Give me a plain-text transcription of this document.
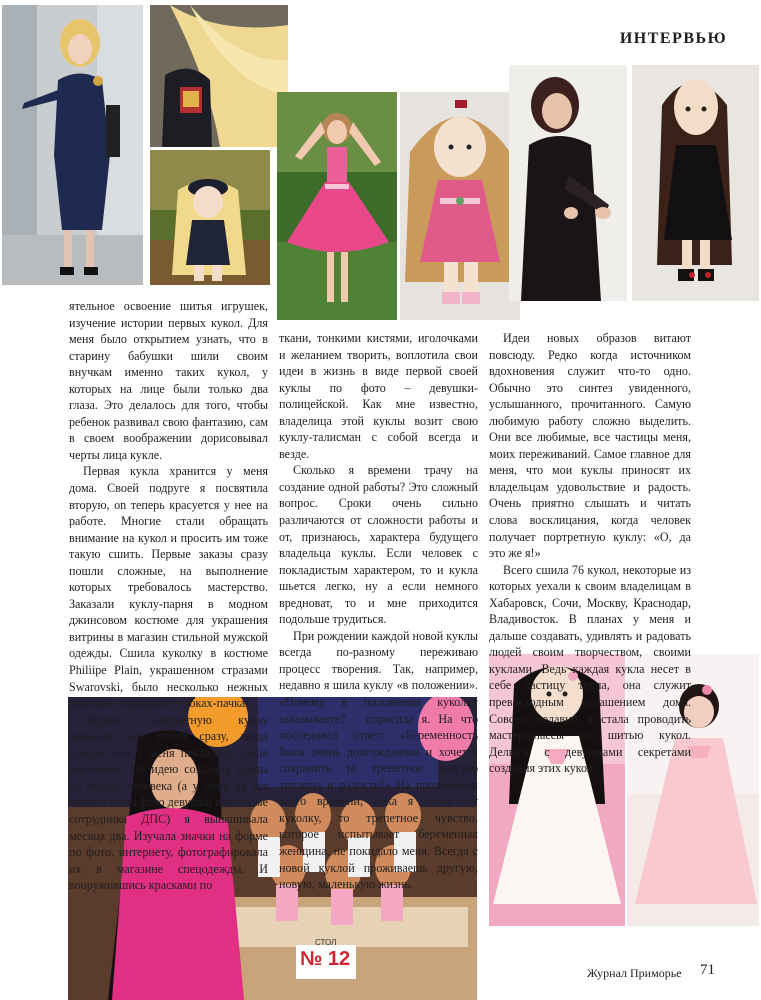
ИНТЕРВЬЮ
СТОЛ
№ 12

ятельное освоение шитья игрушек, изучение истории первых кукол. Для меня было открытием узнать, что в старину бабушки шили своим внучкам именно таких кукол, у которых на лице были только два глаза. Это делалось для того, чтобы ребенок развивал свою фантазию, сам в своем воображении дорисовывал черты лица кукле.

Первая кукла хранится у меня дома. Своей подруге я посвятила вторую, on теперь красуется у нее на работе. Многие стали обращать внимание на кукол и просить им тоже такую сшить. Первые заказы сразу пошли сложные, на выполнение которых требовалось мастерство. Заказали куклу-парня в модном джинсовом костюме для украшения витрины в магазин стильной мужской одежды. Сшила куколку в костюме Philiipe Plain, украшенном стразами Swarovski, было несколько нежных куколок-«зефирок» в юбках-пачках.

Первую портретную куклу заказали мне почти сразу, когда узнали, что у меня появилось такое увлечение. Но идею создания куклы по образу человека (а у меня на тот момент было фото девушки в костюме сотрудника ДПС) я вынашивала месяца два. Изучала значки на форме по фото, интернету, фотографировала их в магазине спецодежды. И вооружившись красками по

ткани, тонкими кистями, иголочками и желанием творить, воплотила свои идеи в жизнь в виде первой своей куклы по фото – девушки-полицейской. Как мне известно, владелица этой куклы возит свою куклу-талисман с собой всегда и везде.

Сколько я времени трачу на создание одной работы? Это сложный вопрос. Сроки очень сильно различаются от сложности работы и от, признаюсь, характера будущего владельца куклы. Если человек с покладистым характером, то и кукла шьется легко, ну а если немного вредноват, то и мне приходится подольше трудиться.

При рождении каждой новой куклы всегда по-разному переживаю процесс творения. Так, например, недавно я шила куклу «в положении». «Почему в положении куколку заказываете? - спросила я. На что последовал ответ: «Беременность была очень долгожданная и хочется сохранить то трепетное чувство теплоты и радости!» На протяжении всего времени, пока я шила эту куколку, то трепетное чувство, которое испытывает беременная женщина, не покидало меня. Всегда с новой куклой проживаешь другую, новую, маленькую жизнь.

Идеи новых образов витают повсюду. Редко когда источником вдохновения служит что-то одно. Обычно это синтез увиденного, услышанного, прочитанного. Самую любимую работу сложно выделить. Они все любимые, все частицы меня, моих переживаний. Самое главное для меня, что мои куклы приносят их владельцам удовольствие и радость. Очень приятно слышать и читать слова восклицания, когда человек получает портретную куклу: «О, да это же я!»

Всего сшила 76 кукол, некоторые из которых уехали к своим владелицам в Хабаровск, Сочи, Москву, Краснодар, Владивосток. В планах у меня и дальше создавать, удивлять и радовать людей своим творчеством, своими куклами. Ведь каждая кукла несет в себе частицу тепла, она служит превосходным украшением дома. Совсем недавно я стала проводить мастер-классы по шитью кукол. Делюсь с девушками секретами создания этих кукол.

Журнал Приморье 71
